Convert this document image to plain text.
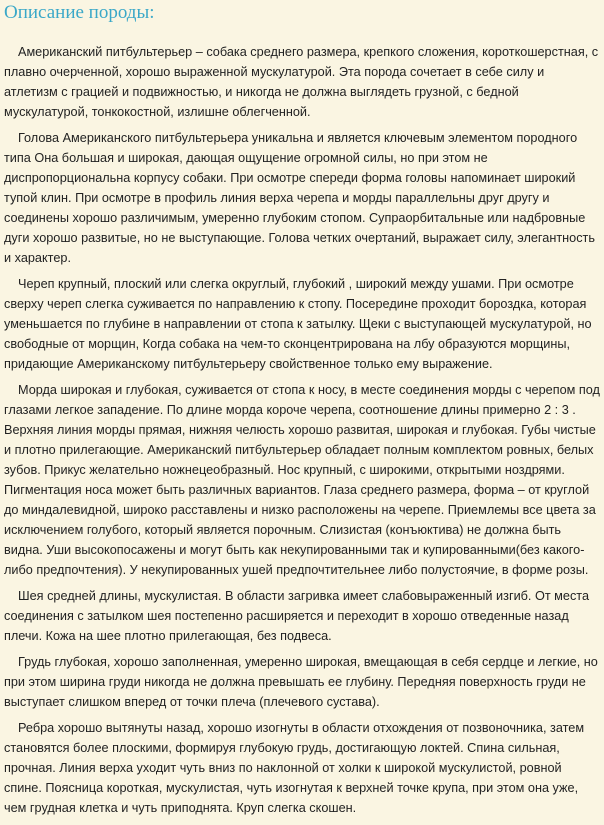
Описание породы:

Американский питбультерьер – собака среднего размера, крепкого сложения, короткошерстная, с плавно очерченной, хорошо выраженной мускулатурой. Эта порода сочетает в себе силу и атлетизм с грацией и подвижностью, и никогда не должна выглядеть грузной, с бедной мускулатурой, тонкокостной, излишне облегченной.

Голова Американского питбультерьера уникальна и является ключевым элементом породного типа Она большая и широкая, дающая ощущение огромной силы, но при этом не диспропорциональна корпусу собаки. При осмотре спереди форма головы напоминает широкий тупой клин. При осмотре в профиль линия верха черепа и морды параллельны друг другу и соединены хорошо различимым, умеренно глубоким стопом. Супраорбитальные или надбровные дуги хорошо развитые, но не выступающие. Голова четких очертаний, выражает силу, элегантность и характер.

Череп крупный, плоский или слегка округлый, глубокий , широкий между ушами. При осмотре сверху череп слегка суживается по направлению к стопу. Посередине проходит бороздка, которая уменьшается по глубине в направлении от стопа к затылку. Щеки с выступающей мускулатурой, но свободные от морщин, Когда собака на чем-то сконцентрирована на лбу образуются морщины, придающие Американскому питбультерьеру свойственное только ему выражение.

Морда широкая и глубокая, суживается от стопа к носу, в месте соединения морды с черепом под глазами легкое западение. По длине морда короче черепа, соотношение длины примерно 2 : 3 . Верхняя линия морды прямая, нижняя челюсть хорошо развитая, широкая и глубокая. Губы чистые и плотно прилегающие. Американский питбультерьер обладает полным комплектом ровных, белых зубов. Прикус желательно ножнецеобразный. Нос крупный, с широкими, открытыми ноздрями. Пигментация носа может быть различных вариантов. Глаза среднего размера, форма – от круглой до миндалевидной, широко расставлены и низко расположены на черепе. Приемлемы все цвета за исключением голубого, который является порочным. Слизистая (конъюктива) не должна быть видна. Уши высокопосажены и могут быть как некупированными так и купированными(без какого-либо предпочтения). У некупированных ушей предпочтительнее либо полустоячие, в форме розы.

Шея средней длины, мускулистая. В области загривка имеет слабовыраженный изгиб. От места соединения с затылком шея постепенно расширяется и переходит в хорошо отведенные назад плечи. Кожа на шее плотно прилегающая, без подвеса.

Грудь глубокая, хорошо заполненная, умеренно широкая, вмещающая в себя сердце и легкие, но при этом ширина груди никогда не должна превышать ее глубину. Передняя поверхность груди не выступает слишком вперед от точки плеча (плечевого сустава).

Ребра хорошо вытянуты назад, хорошо изогнуты в области отхождения от позвоночника, затем становятся более плоскими, формируя глубокую грудь, достигающую локтей. Спина сильная, прочная. Линия верха уходит чуть вниз по наклонной от холки к широкой мускулистой, ровной спине. Поясница короткая, мускулистая, чуть изогнутая к верхней точке крупа, при этом она уже, чем грудная клетка и чуть приподнята. Круп слегка скошен.
